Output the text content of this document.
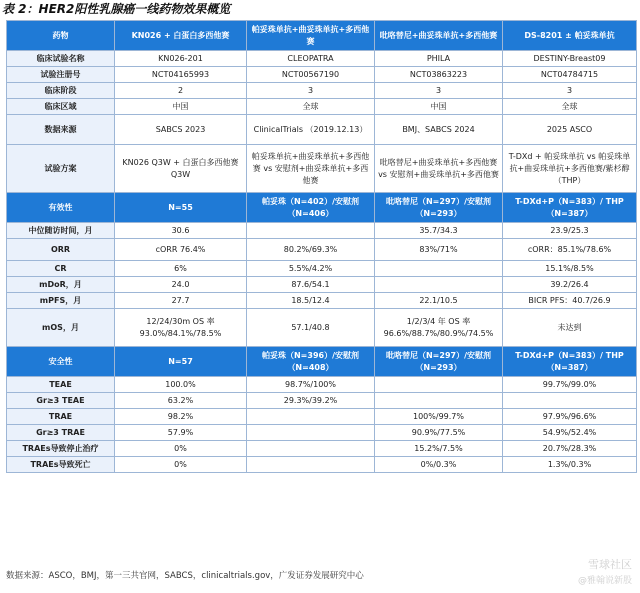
表 2：HER2阳性乳腺癌一线药物效果概览
药物	KN026 + 白蛋白多西他赛	帕妥珠单抗+曲妥珠单抗+多西他赛	吡咯替尼+曲妥珠单抗+多西他赛	DS-8201 ± 帕妥珠单抗
临床试验名称	KN026-201	CLEOPATRA	PHILA	DESTINY-Breast09
试验注册号	NCT04165993	NCT00567190	NCT03863223	NCT04784715
临床阶段	2	3	3	3
临床区域	中国	全球	中国	全球
数据来源	SABCS 2023	ClinicalTrials （2019.12.13）	BMJ、SABCS 2024	2025 ASCO
试验方案	KN026 Q3W + 白蛋白多西他赛 Q3W	帕妥珠单抗+曲妥珠单抗+多西他赛 vs 安慰剂+曲妥珠单抗+多西他赛	吡咯替尼+曲妥珠单抗+多西他赛 vs 安慰剂+曲妥珠单抗+多西他赛	T-DXd + 帕妥珠单抗 vs 帕妥珠单抗+曲妥珠单抗+多西他赛/紫杉醇（THP）
有效性	N=55	帕妥珠（N=402）/安慰剂（N=406）	吡咯替尼（N=297）/安慰剂（N=293）	T-DXd+P（N=383）/ THP（N=387）
中位随访时间，月	30.6		35.7/34.3	23.9/25.3
ORR	cORR 76.4%	80.2%/69.3%	83%/71%	cORR：85.1%/78.6%
CR	6%	5.5%/4.2%		15.1%/8.5%
mDoR，月	24.0	87.6/54.1		39.2/26.4
mPFS，月	27.7	18.5/12.4	22.1/10.5	BICR PFS：40.7/26.9
mOS，月	12/24/30m OS 率 93.0%/84.1%/78.5%	57.1/40.8	1/2/3/4 年 OS 率 96.6%/88.7%/80.9%/74.5%	未达到
安全性	N=57	帕妥珠（N=396）/安慰剂（N=408）	吡咯替尼（N=297）/安慰剂（N=293）	T-DXd+P（N=383）/ THP（N=387）
TEAE	100.0%	98.7%/100%		99.7%/99.0%
Gr≥3 TEAE	63.2%	29.3%/39.2%		
TRAE	98.2%		100%/99.7%	97.9%/96.6%
Gr≥3 TRAE	57.9%		90.9%/77.5%	54.9%/52.4%
TRAEs导致停止治疗	0%		15.2%/7.5%	20.7%/28.3%
TRAEs导致死亡	0%		0%/0.3%	1.3%/0.3%
数据来源：ASCO，BMJ，第一三共官网，SABCS，clinicaltrials.gov，广发证券发展研究中心
雪球社区
@雅翰说新股
